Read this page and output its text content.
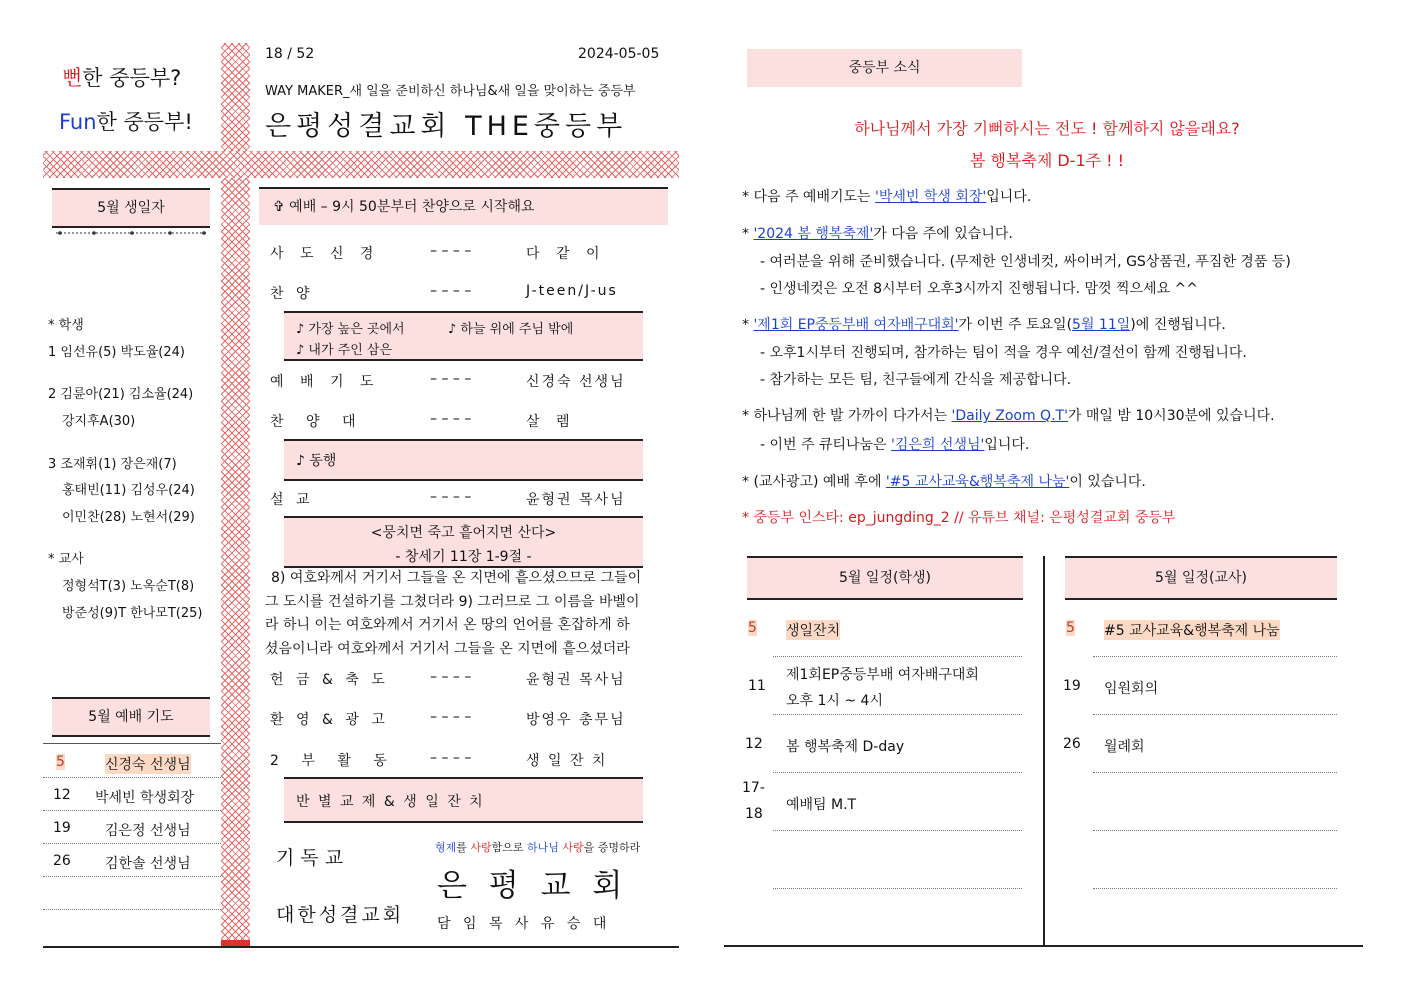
뻔한 중등부?
Fun한 중등부!
5월 생일자
* 학생
1 임선유(5) 박도율(24)
2 김륜아(21) 김소율(24)
강지후A(30)
3 조재휘(1) 장은재(7)
홍태빈(11) 김성우(24)
이민찬(28) 노현서(29)
* 교사
정형석T(3) 노옥순T(8)
방준성(9)T 한나모T(25)
5월 예배 기도
5	신경숙 선생님
12 박세빈 학생회장
19 김은정 선생님
26 김한솔 선생님
18 / 52	2024-05-05
WAY MAKER_새 일을 준비하신 하나님&새 일을 맞이하는 중등부
은평성결교회 THE중등부
✞ 예배 – 9시 50분부터 찬양으로 시작해요
사 도 신 경	– – – –	다 같 이
찬 양	– – – –	J-teen/J-us
♪ 가장 높은 곳에서	♪ 하늘 위에 주님 밖에
♪ 내가 주인 삼은
예 배 기 도	– – – –	신경숙 선생님
찬 양 대	– – – –	살 렘
♪ 동행
설 교	– – – –	윤형권 목사님
<뭉치면 죽고 흩어지면 산다>
- 창세기 11장 1-9절 -
8) 여호와께서 거기서 그들을 온 지면에 흩으셨으므로 그들이
그 도시를 건설하기를 그쳤더라 9) 그러므로 그 이름을 바벨이
라 하니 이는 여호와께서 거기서 온 땅의 언어를 혼잡하게 하
셨음이니라 여호와께서 거기서 그들을 온 지면에 흩으셨더라
헌 금 & 축 도	– – – –	윤형권 목사님
환 영 & 광 고	– – – –	방영우 총무님
2 부 활 동 – – – –	생 일 잔 치
반 별 교 제 & 생 일 잔 치
기 독 교
대한성결교회
형제를 사랑함으로 하나님 사랑을 증명하라
은 평 교 회
담 임 목 사 유 승 대
중등부 소식
하나님께서 가장 기뻐하시는 전도 ! 함께하지 않을래요?
봄 행복축제 D-1주 ! !
* 다음 주 예배기도는 '박세빈 학생 회장'입니다.
* '2024 봄 행복축제'가 다음 주에 있습니다.
- 여러분을 위해 준비했습니다. (무제한 인생네컷, 싸이버거, GS상품권, 푸짐한 경품 등)
- 인생네컷은 오전 8시부터 오후3시까지 진행됩니다. 맘껏 찍으세요 ^^
* '제1회 EP중등부배 여자배구대회'가 이번 주 토요일(5월 11일)에 진행됩니다.
- 오후1시부터 진행되며, 참가하는 팀이 적을 경우 예선/결선이 함께 진행됩니다.
- 참가하는 모든 팀, 친구들에게 간식을 제공합니다.
* 하나님께 한 발 가까이 다가서는 'Daily Zoom Q.T'가 매일 밤 10시30분에 있습니다.
- 이번 주 큐티나눔은 '김은희 선생님'입니다.
* (교사광고) 예배 후에 '#5 교사교육&행복축제 나눔'이 있습니다.
* 중등부 인스타: ep_jungding_2 // 유튜브 채널: 은평성결교회 중등부
5월 일정(학생)
5 생일잔치
11
제1회EP중등부배 여자배구대회
오후 1시 ~ 4시
12 봄 행복축제 D-day
17-
18
예배팀 M.T
5월 일정(교사)
5 #5 교사교육&행복축제 나눔
19 임원회의
26 월례회
